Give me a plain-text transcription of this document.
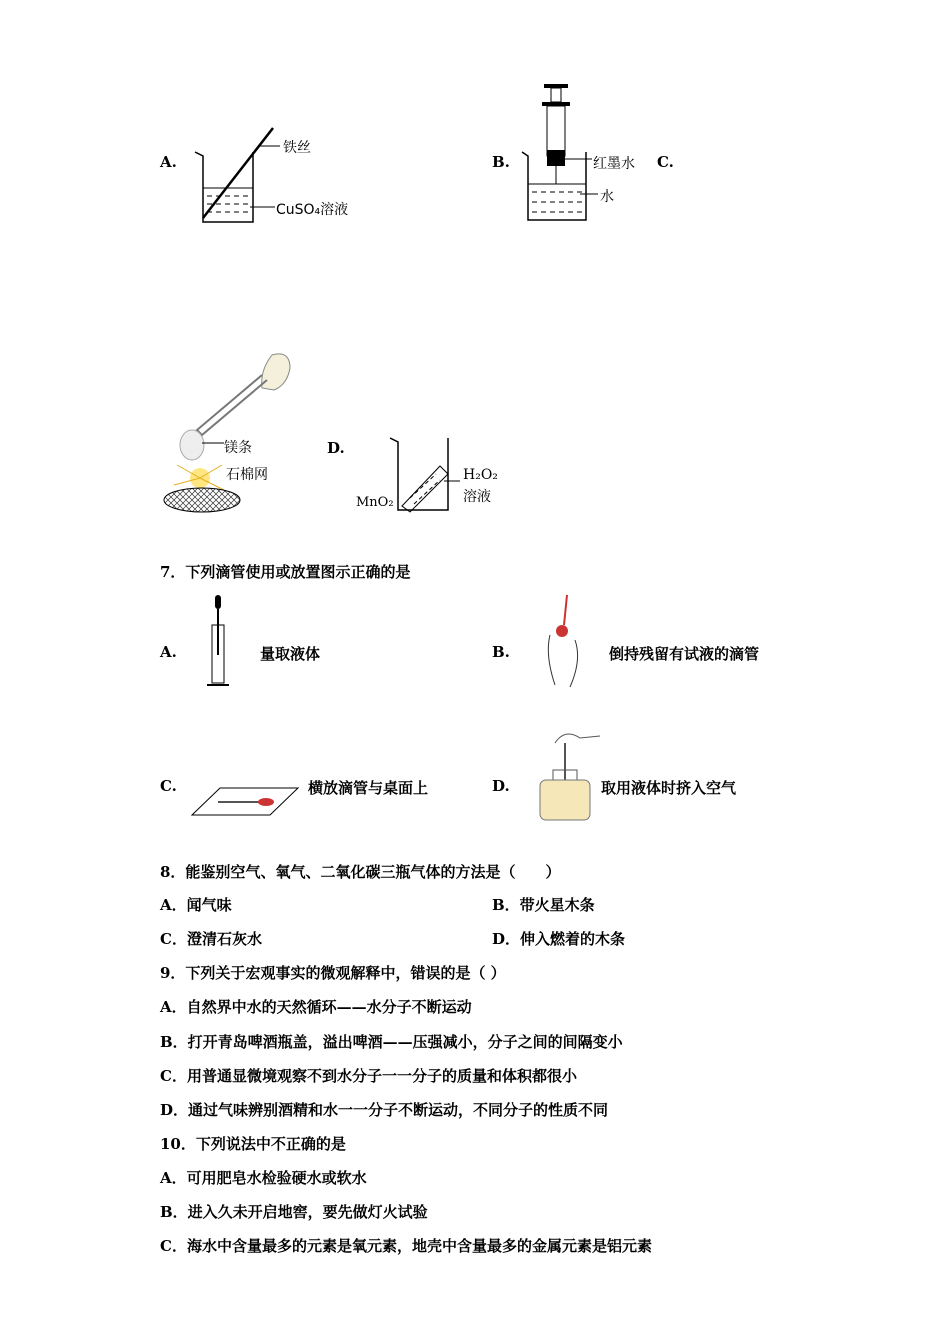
A.
铁丝
CuSO₄溶液
B.	红墨水
水
C.
镁条
石棉网
D.
H₂O₂
溶液
MnO₂
7．下列滴管使用或放置图示正确的是
A.	量取液体	B.	倒持残留有试液的滴管
C.	横放滴管与桌面上	D.	取用液体时挤入空气
8．能鉴别空气、氧气、二氧化碳三瓶气体的方法是（　　）
A．闻气味	B．带火星木条
C．澄清石灰水	D．伸入燃着的木条
9．下列关于宏观事实的微观解释中，错误的是（ ）
A．自然界中水的天然循环——水分子不断运动
B．打开青岛啤酒瓶盖，溢出啤酒——压强减小，分子之间的间隔变小
C．用普通显微境观察不到水分子一一分子的质量和体积都很小
D．通过气味辨别酒精和水一一分子不断运动，不同分子的性质不同
10．下列说法中不正确的是
A．可用肥皂水检验硬水或软水
B．进入久未开启地窖，要先做灯火试验
C．海水中含量最多的元素是氧元素，地壳中含量最多的金属元素是铝元素
